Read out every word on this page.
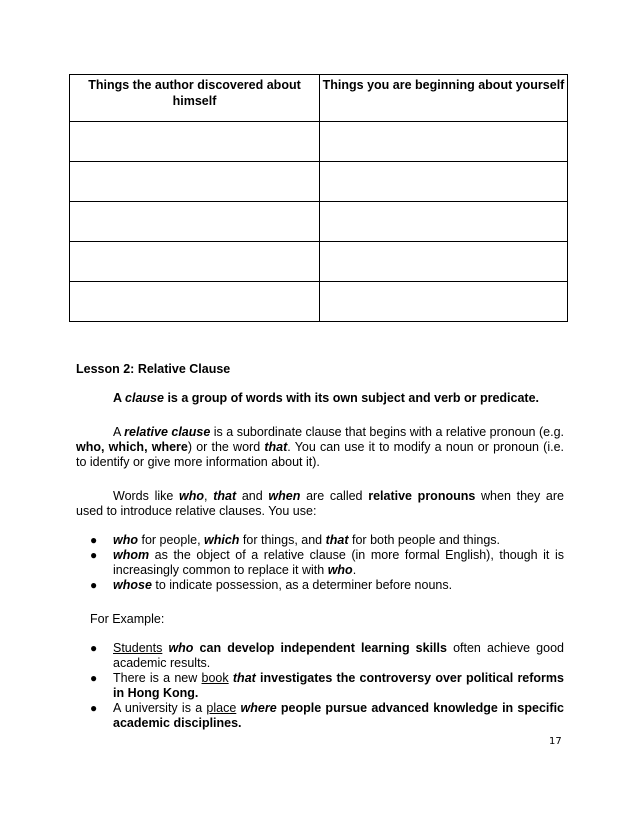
Things the author discovered about himself	Things you are beginning about yourself

Lesson 2: Relative Clause

A clause is a group of words with its own subject and verb or predicate.

A relative clause is a subordinate clause that begins with a relative pronoun (e.g. who, which, where) or the word that. You can use it to modify a noun or pronoun (i.e. to identify or give more information about it).

Words like who, that and when are called relative pronouns when they are used to introduce relative clauses. You use:

● who for people, which for things, and that for both people and things.
● whom as the object of a relative clause (in more formal English), though it is increasingly common to replace it with who.
● whose to indicate possession, as a determiner before nouns.

For Example:

● Students who can develop independent learning skills often achieve good academic results.
● There is a new book that investigates the controversy over political reforms in Hong Kong.
● A university is a place where people pursue advanced knowledge in specific academic disciplines.
17
